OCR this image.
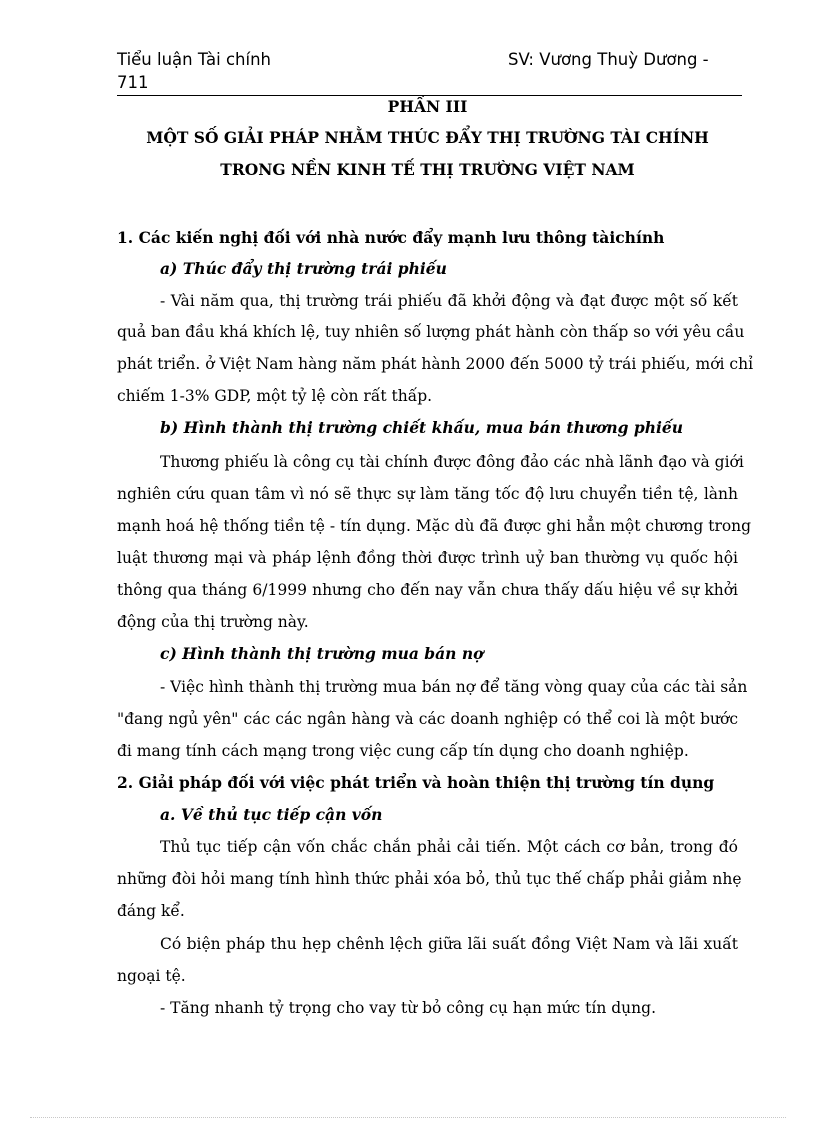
Tiểu luận Tài chính
711
SV: Vương Thuỳ Dương -
PHẦN III
MỘT SỐ GIẢI PHÁP NHẰM THÚC ĐẨY THỊ TRƯỜNG TÀI CHÍNH
TRONG NỀN KINH TẾ THỊ TRƯỜNG VIỆT NAM
1. Các kiến nghị đối với nhà nước đẩy mạnh lưu thông tàichính
a) Thúc đẩy thị trường trái phiếu
- Vài năm qua, thị trường trái phiếu đã khởi động và đạt được một số kết
quả ban đầu khá khích lệ, tuy nhiên số lượng phát hành còn thấp so với yêu cầu
phát triển. ở Việt Nam hàng năm phát hành 2000 đến 5000 tỷ trái phiếu, mới chỉ
chiếm 1-3% GDP, một tỷ lệ còn rất thấp.
b) Hình thành thị trường chiết khấu, mua bán thương phiếu
Thương phiếu là công cụ tài chính được đông đảo các nhà lãnh đạo và giới
nghiên cứu quan tâm vì nó sẽ thực sự làm tăng tốc độ lưu chuyển tiền tệ, lành
mạnh hoá hệ thống tiền tệ - tín dụng. Mặc dù đã được ghi hẳn một chương trong
luật thương mại và pháp lệnh đồng thời được trình uỷ ban thường vụ quốc hội
thông qua tháng 6/1999 nhưng cho đến nay vẫn chưa thấy dấu hiệu về sự khởi
động của thị trường này.
c) Hình thành thị trường mua bán nợ
- Việc hình thành thị trường mua bán nợ để tăng vòng quay của các tài sản
"đang ngủ yên" các các ngân hàng và các doanh nghiệp có thể coi là một bước
đi mang tính cách mạng trong việc cung cấp tín dụng cho doanh nghiệp.
2. Giải pháp đối với việc phát triển và hoàn thiện thị trường tín dụng
a. Về thủ tục tiếp cận vốn
Thủ tục tiếp cận vốn chắc chắn phải cải tiến. Một cách cơ bản, trong đó
những đòi hỏi mang tính hình thức phải xóa bỏ, thủ tục thế chấp phải giảm nhẹ
đáng kể.
Có biện pháp thu hẹp chênh lệch giữa lãi suất đồng Việt Nam và lãi xuất
ngoại tệ.
- Tăng nhanh tỷ trọng cho vay từ bỏ công cụ hạn mức tín dụng.
